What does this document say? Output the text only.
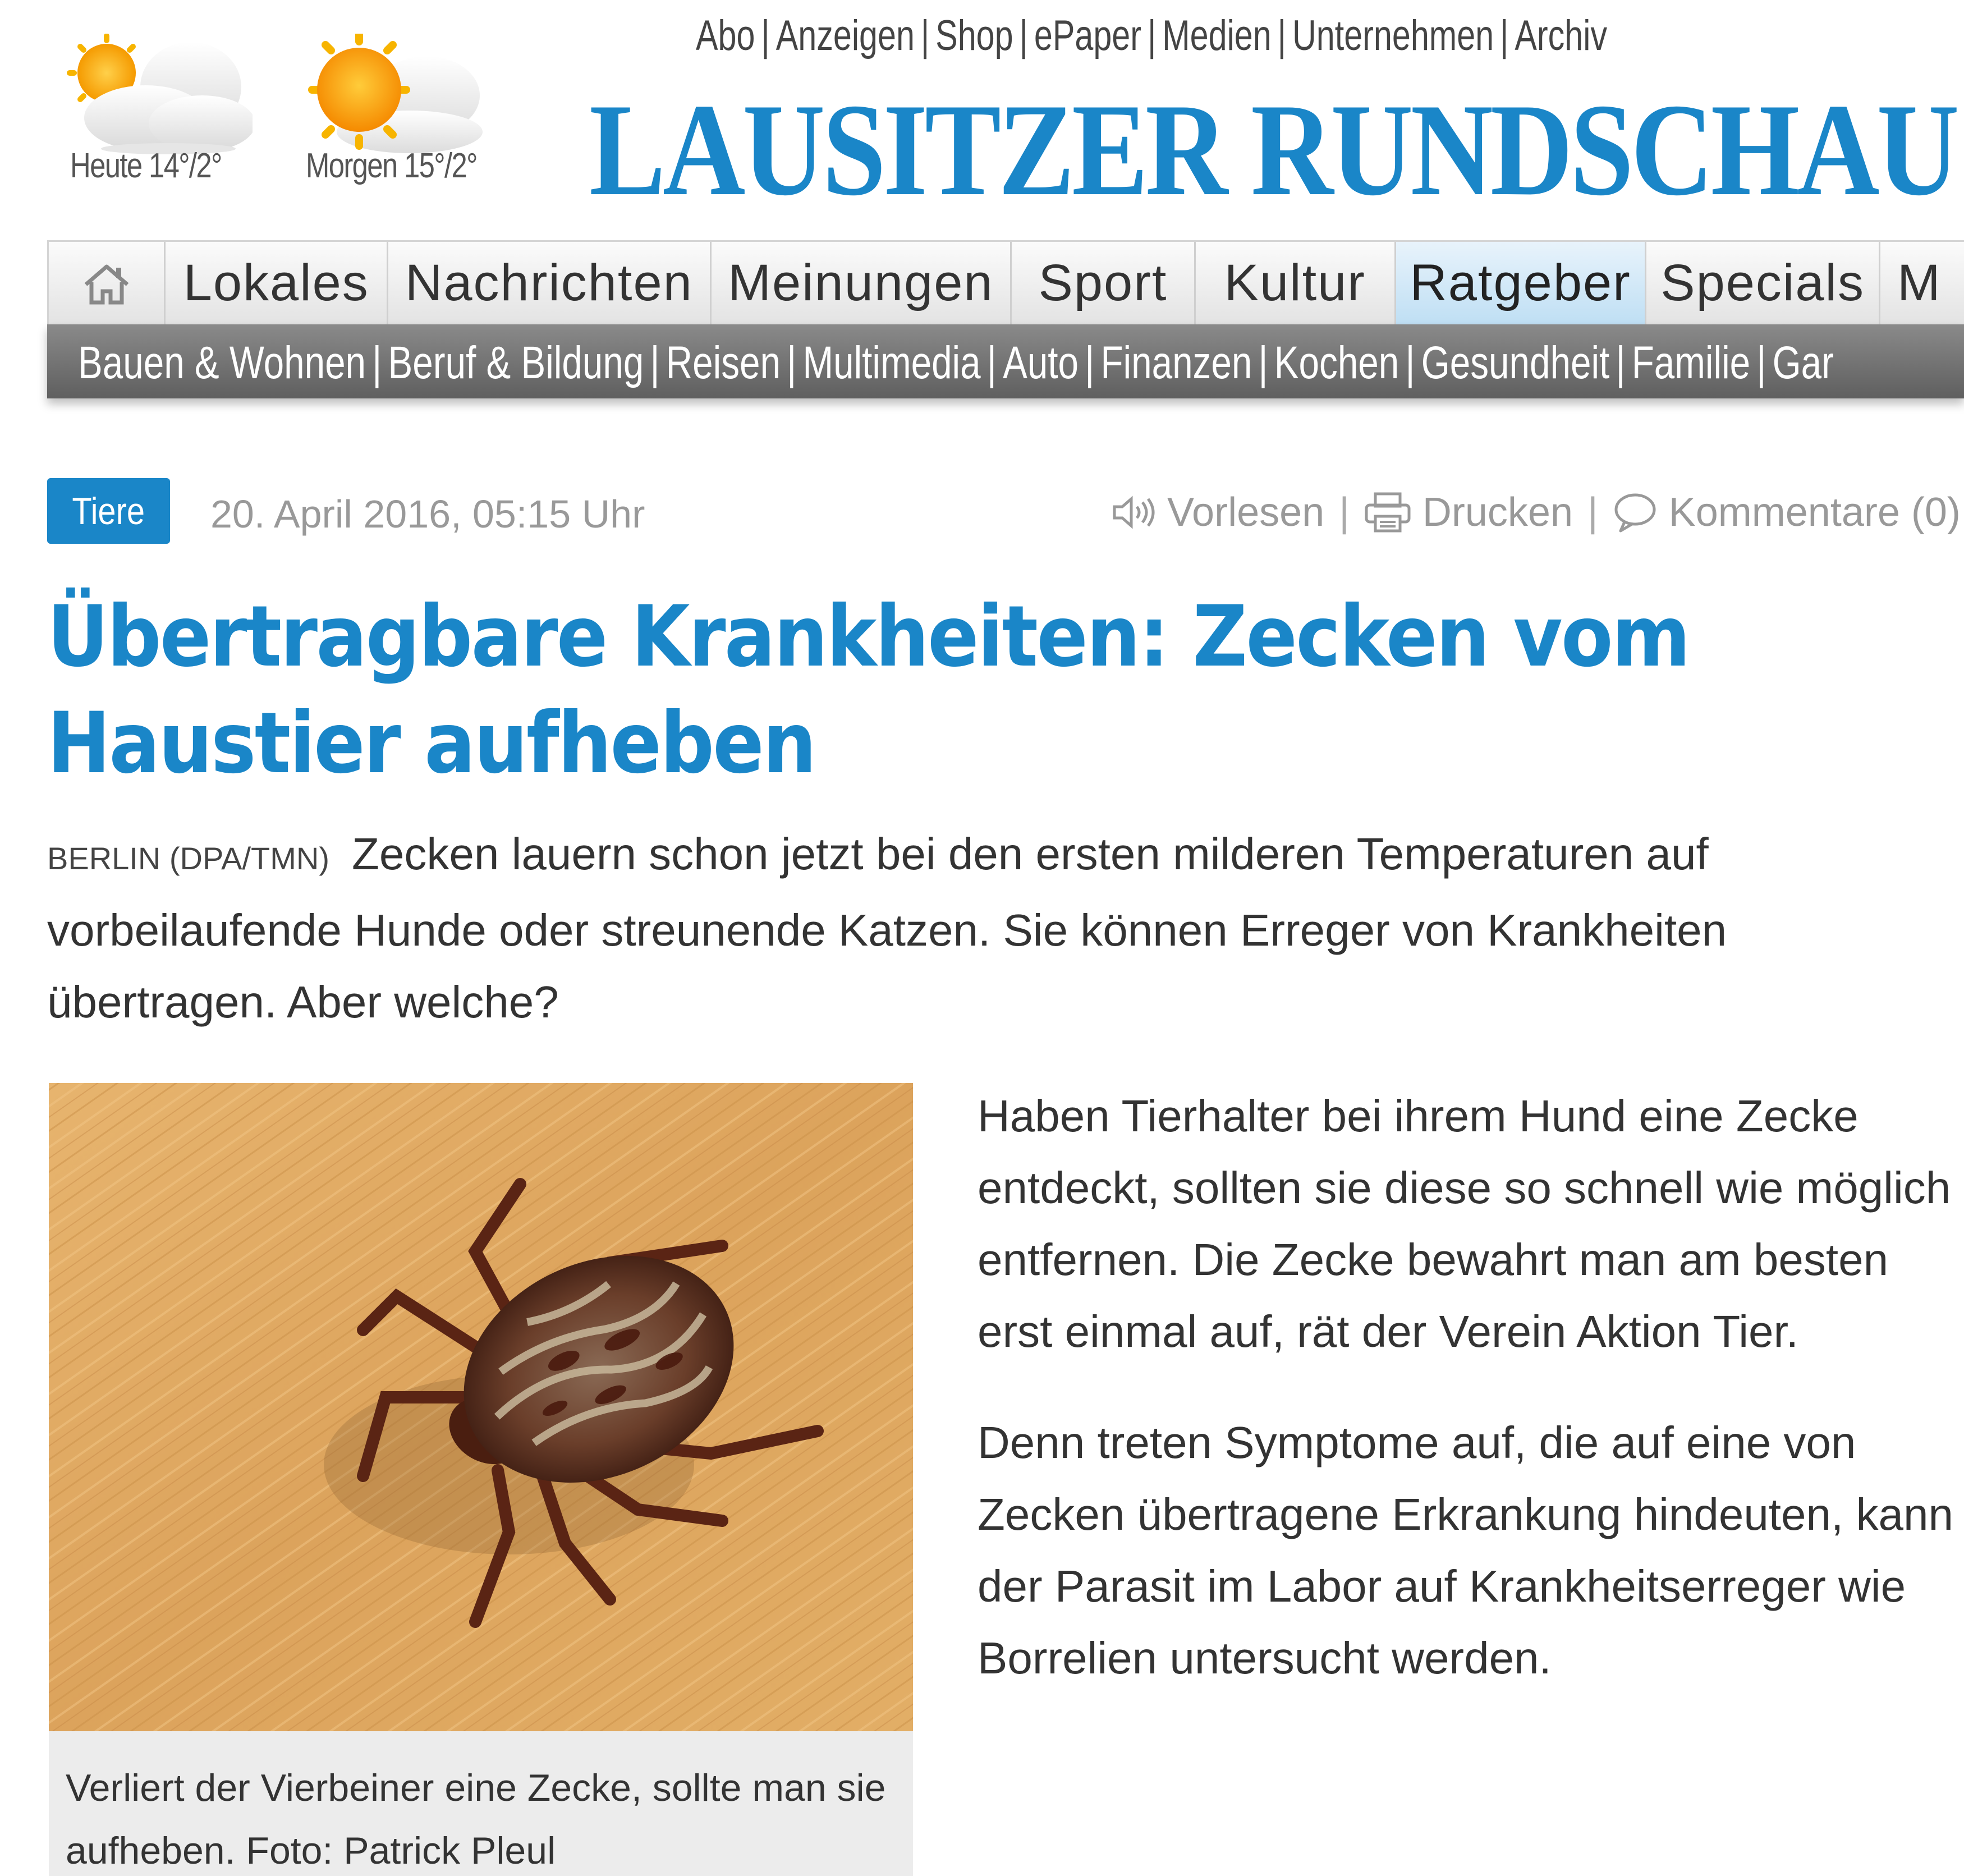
Heute 14°/2° Morgen 15°/2°
Abo | Anzeigen | Shop | ePaper | Medien | Unternehmen | Archiv
LAUSITZER RUNDSCHAU
Lokales Nachrichten Meinungen Sport Kultur Ratgeber Specials M
Bauen & Wohnen | Beruf & Bildung | Reisen | Multimedia | Auto | Finanzen | Kochen | Gesundheit | Familie | Gar
Tiere 20. April 2016, 05:15 Uhr	Vorlesen | Drucken | Kommentare (0)
Übertragbare Krankheiten: Zecken vom Haustier aufheben
BERLIN (DPA/TMN) Zecken lauern schon jetzt bei den ersten milderen Temperaturen auf vorbeilaufende Hunde oder streunende Katzen. Sie können Erreger von Krankheiten übertragen. Aber welche?
Verliert der Vierbeiner eine Zecke, sollte man sie aufheben. Foto: Patrick Pleul

Haben Tierhalter bei ihrem Hund eine Zecke entdeckt, sollten sie diese so schnell wie möglich entfernen. Die Zecke bewahrt man am besten erst einmal auf, rät der Verein Aktion Tier.

Denn treten Symptome auf, die auf eine von Zecken übertragene Erkrankung hindeuten, kann der Parasit im Labor auf Krankheitserreger wie Borrelien untersucht werden.
